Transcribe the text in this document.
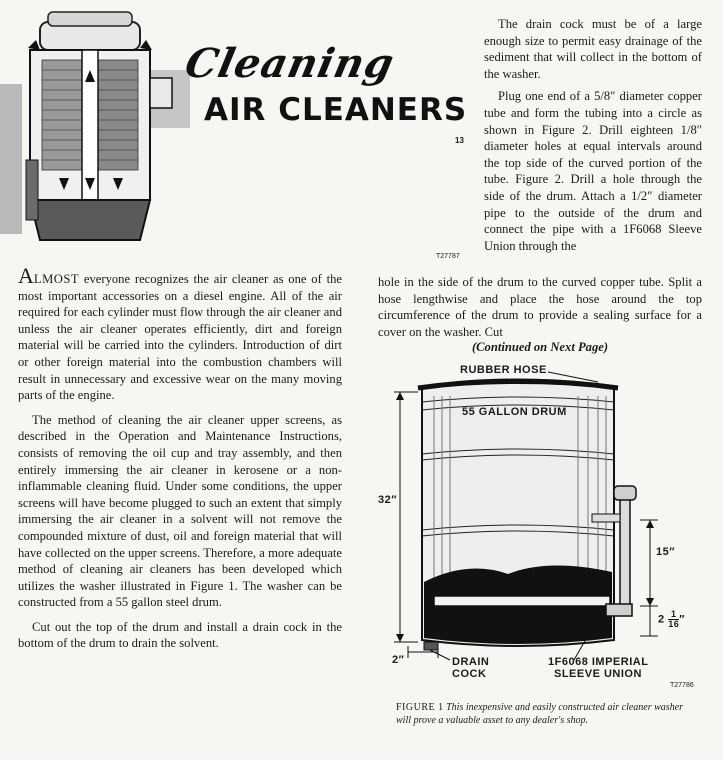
T27787
Cleaning
AIR CLEANERS
13

The drain cock must be of a large enough size to permit easy drainage of the sediment that will collect in the bottom of the washer.

Plug one end of a 5/8″ diameter copper tube and form the tubing into a circle as shown in Figure 2. Drill eighteen 1/8″ diameter holes at equal intervals around the top side of the curved portion of the tube. Figure 2. Drill a hole through the side of the drum. Attach a 1/2″ diameter pipe to the outside of the drum and connect the pipe with a 1F6068 Sleeve Union through the

hole in the side of the drum to the curved copper tube. Split a hose lengthwise and place the hose around the top circumference of the drum to provide a sealing surface for a cover on the washer. Cut

(Continued on Next Page)

ALMOST everyone recognizes the air cleaner as one of the most important accessories on a diesel engine. All of the air required for each cylinder must flow through the air cleaner and unless the air cleaner operates efficiently, dirt and foreign material will be carried into the cylinders. Introduction of dirt or other foreign material into the combustion chambers will result in unnecessary and excessive wear on the many moving parts of the engine.

The method of cleaning the air cleaner upper screens, as described in the Operation and Maintenance Instructions, consists of removing the oil cup and tray assembly, and then entirely immersing the air cleaner in kerosene or a non-inflammable cleaning fluid. Under some conditions, the upper screens will have become plugged to such an extent that simply immersing the air cleaner in a solvent will not remove the compounded mixture of dust, oil and foreign material that will have collected on the upper screens. Therefore, a more adequate method of cleaning air cleaners has been developed which utilizes the washer illustrated in Figure 1. The washer can be constructed from a 55 gallon steel drum.

Cut out the top of the drum and install a drain cock in the bottom of the drum to drain the solvent.

RUBBER HOSE
55 GALLON DRUM
32″
15″
$2 \frac{1}{16}$ ″
2″	DRAIN
COCK
1F6068 IMPERIAL
SLEEVE UNION
T27786
FIGURE 1 This inexpensive and easily constructed air cleaner washer will prove a valuable asset to any dealer's shop.
